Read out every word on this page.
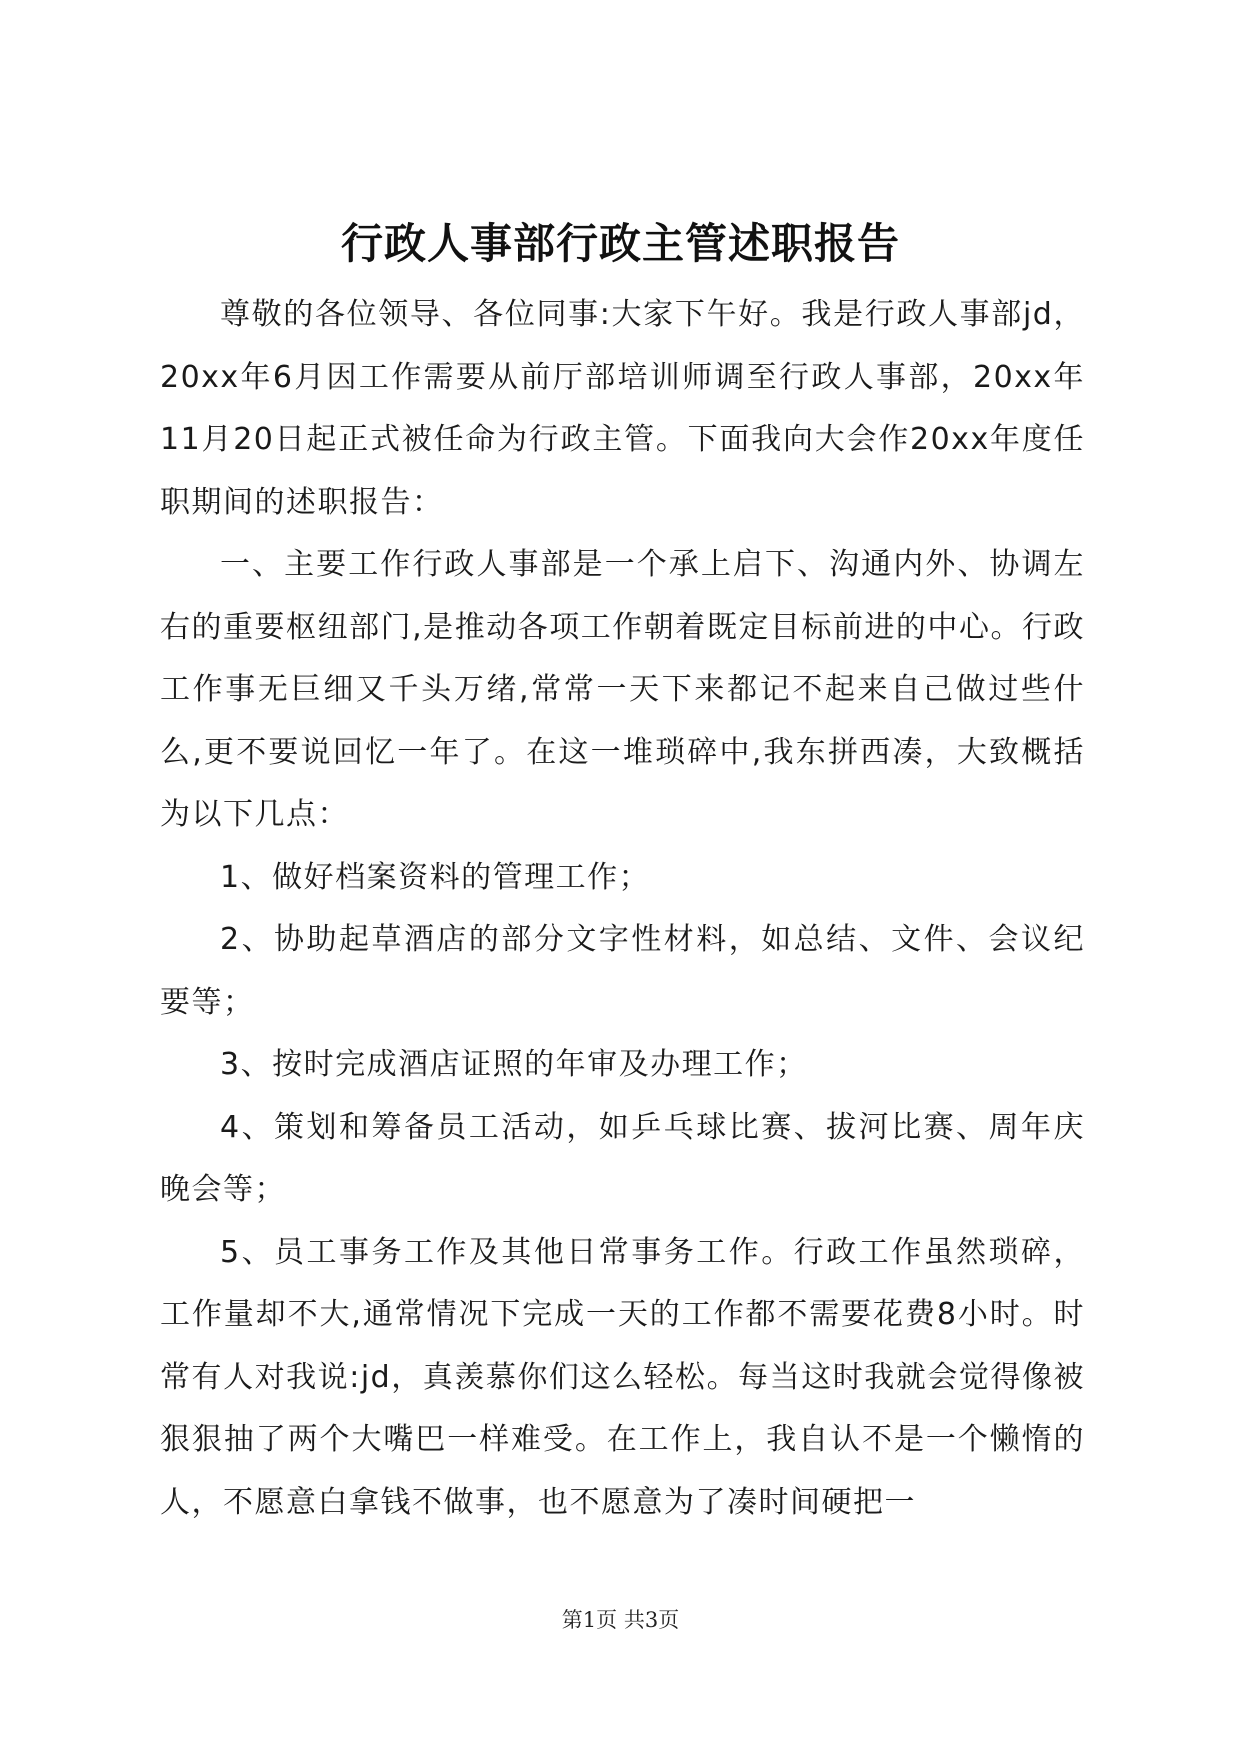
行政人事部行政主管述职报告

尊敬的各位领导、各位同事:大家下午好。我是行政人事部jd，20xx年6月因工作需要从前厅部培训师调至行政人事部，20xx年11月20日起正式被任命为行政主管。下面我向大会作20xx年度任职期间的述职报告：

一、主要工作行政人事部是一个承上启下、沟通内外、协调左右的重要枢纽部门,是推动各项工作朝着既定目标前进的中心。行政工作事无巨细又千头万绪,常常一天下来都记不起来自己做过些什么,更不要说回忆一年了。在这一堆琐碎中,我东拼西凑，大致概括为以下几点：

1、做好档案资料的管理工作；

2、协助起草酒店的部分文字性材料，如总结、文件、会议纪要等；

3、按时完成酒店证照的年审及办理工作；

4、策划和筹备员工活动，如乒乓球比赛、拔河比赛、周年庆晚会等；

5、员工事务工作及其他日常事务工作。行政工作虽然琐碎，工作量却不大,通常情况下完成一天的工作都不需要花费8小时。时常有人对我说:jd，真羡慕你们这么轻松。每当这时我就会觉得像被狠狠抽了两个大嘴巴一样难受。在工作上，我自认不是一个懒惰的人，不愿意白拿钱不做事，也不愿意为了凑时间硬把一

第1页 共3页
